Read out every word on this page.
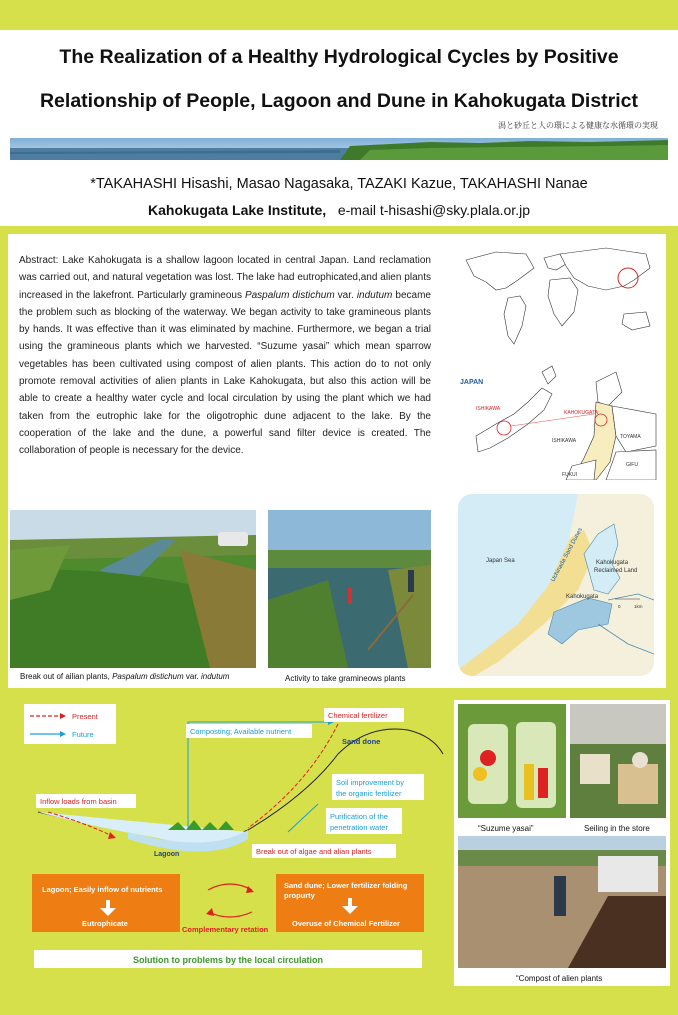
The Realization of a Healthy Hydrological Cycles by Positive
Relationship of People, Lagoon and Dune in Kahokugata District
潟と砂丘と人の環による健康な水循環の実現
*TAKAHASHI Hisashi, Masao Nagasaka, TAZAKI Kazue, TAKAHASHI Nanae
Kahokugata Lake Institute, e-mail t-hisashi@sky.plala.or.jp
Abstract: Lake Kahokugata is a shallow lagoon located in central Japan. Land reclamation was carried out, and natural vegetation was lost. The lake had eutrophicated,and alien plants increased in the lakefront. Particularly gramineous Paspalum distichum var. indutum became the problem such as blocking of the waterway. We began activity to take gramineous plants by hands. It was effective than it was eliminated by machine. Furthermore, we began a trial using the gramineous plants which we harvested. “Suzume yasai” which mean sparrow vegetables has been cultivated using compost of alien plants. This action do to not only promote removal activities of alien plants in Lake Kahokugata, but also this action will be able to create a healthy water cycle and local circulation by using the plant which we had taken from the eutrophic lake for the oligotrophic dune adjacent to the lake. By the cooperation of the lake and the dune, a powerful sand filter device is created. The collaboration of people is necessary for the device.
Break out of ailian plants, Paspalum distichum var. indutum	Activity to take gramineows plants
JAPAN
ISHIKAWA
KAHOKUGATA
ISHIKAWA
TOYAMA
FUKUI
GIFU
Japan Sea	Uchinada Sand Dunes Kahokugata
Reclaimed Land
Kahokugata
0	1km
Present
Future	Composting; Available nutrient
Chemical fertilizer
Sand done
Inflow loads from basin
Soil improvement by
the organic fertilizer
Purification of the
penetration water
Lagoon	Break out of algae and alian plants
Lagoon; Easily inflow of nutrients
Eutrophicate
Sand dune; Lower fertilizer folding
propurty
Overuse of Chemical Fertilizer
Complementary retation
Solution to problems by the local circulation
“Suzume yasai”	Seiling in the store
“Compost of alien plants
